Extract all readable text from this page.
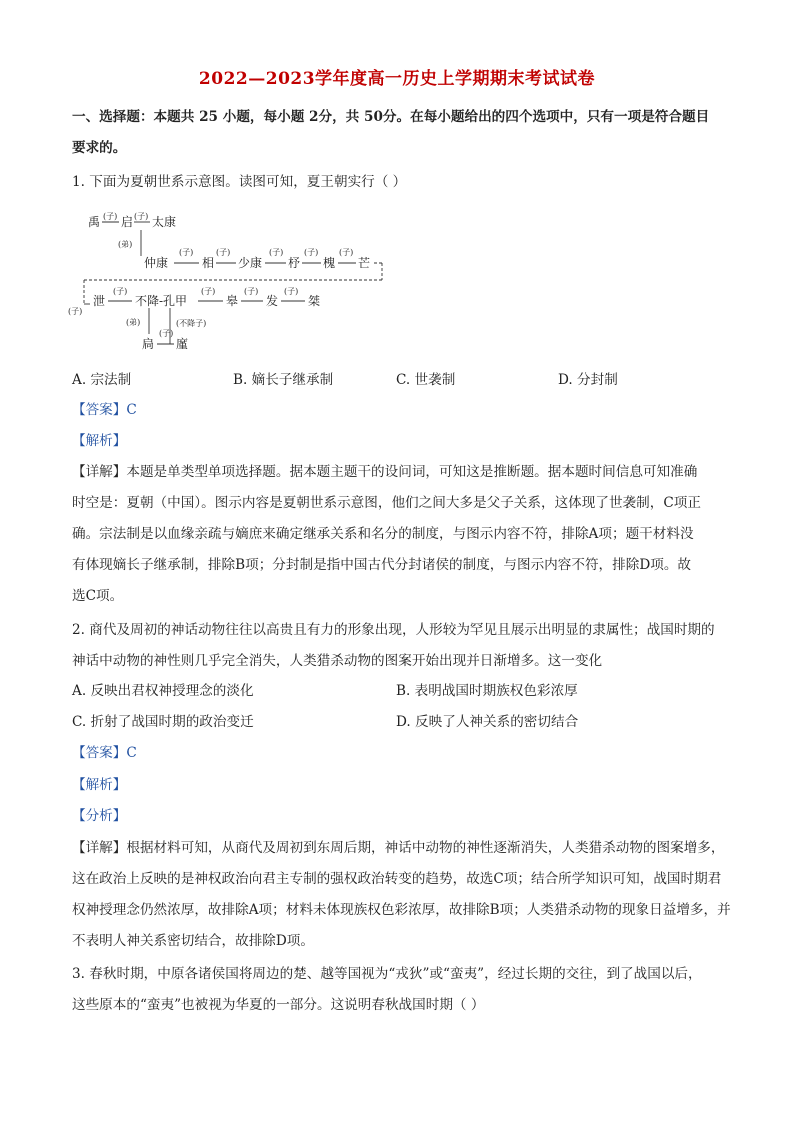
2022—2023学年度高一历史上学期期末考试试卷
一、选择题：本题共 25 小题，每小题 2分，共 50分。在每小题给出的四个选项中，只有一项是符合题目
要求的。
1. 下面为夏朝世系示意图。读图可知，夏王朝实行（ ）
禹 (子) 启 (子) 太康
(弟)
仲康
(子)
相
(子)
少康
(子)
杼
(子)
槐
(子)
芒
(子)
泄
(子)
不降-孔甲
(子)
皋
(子)
发
(子)
桀
(弟)	(不降子)
扃
(子)
廑
A. 宗法制	B. 嫡长子继承制	C. 世袭制	D. 分封制
【答案】C
【解析】
【详解】本题是单类型单项选择题。据本题主题干的设问词，可知这是推断题。据本题时间信息可知准确
时空是：夏朝（中国）。图示内容是夏朝世系示意图，他们之间大多是父子关系，这体现了世袭制，C项正
确。宗法制是以血缘亲疏与嫡庶来确定继承关系和名分的制度，与图示内容不符，排除A项；题干材料没
有体现嫡长子继承制，排除B项；分封制是指中国古代分封诸侯的制度，与图示内容不符，排除D项。故
选C项。
2. 商代及周初的神话动物往往以高贵且有力的形象出现，人形较为罕见且展示出明显的隶属性；战国时期的
神话中动物的神性则几乎完全消失，人类猎杀动物的图案开始出现并日渐增多。这一变化
A. 反映出君权神授理念的淡化	B. 表明战国时期族权色彩浓厚
C. 折射了战国时期的政治变迁	D. 反映了人神关系的密切结合
【答案】C
【解析】
【分析】
【详解】根据材料可知，从商代及周初到东周后期，神话中动物的神性逐渐消失，人类猎杀动物的图案增多，
这在政治上反映的是神权政治向君主专制的强权政治转变的趋势，故选C项；结合所学知识可知，战国时期君
权神授理念仍然浓厚，故排除A项；材料未体现族权色彩浓厚，故排除B项；人类猎杀动物的现象日益增多，并
不表明人神关系密切结合，故排除D项。
3. 春秋时期，中原各诸侯国将周边的楚、越等国视为“戎狄”或“蛮夷”，经过长期的交往，到了战国以后，
这些原本的“蛮夷”也被视为华夏的一部分。这说明春秋战国时期（ ）
